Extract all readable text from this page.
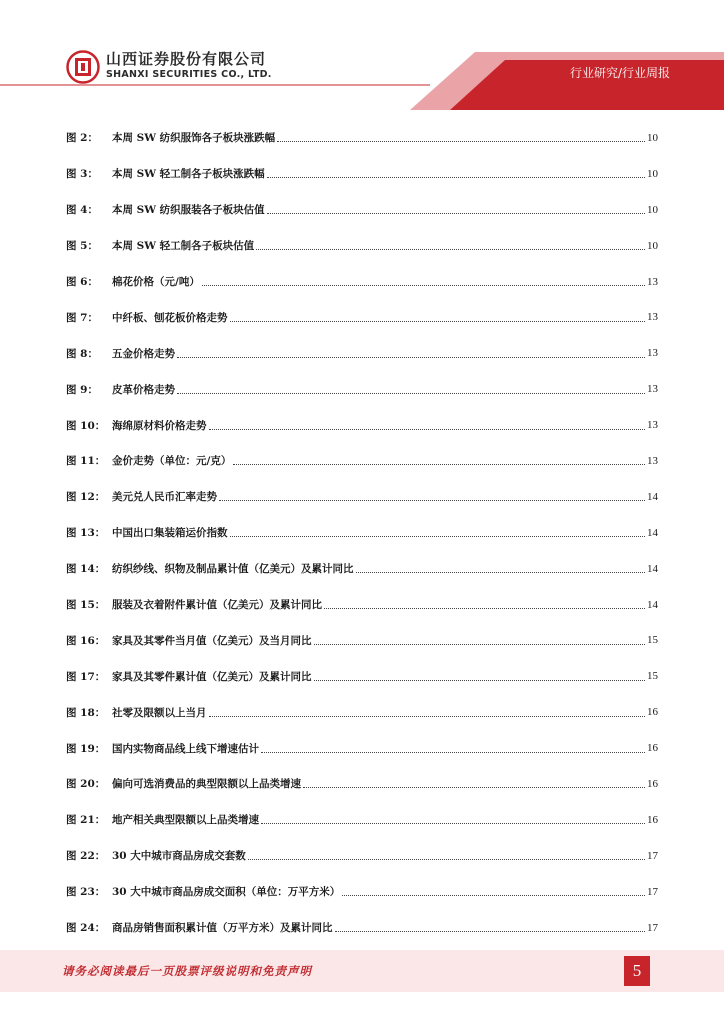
山西证券股份有限公司
SHANXI SECURITIES CO., LTD.	行业研究/行业周报
图 2：	本周 SW 纺织服饰各子板块涨跌幅	10
图 3：	本周 SW 轻工制各子板块涨跌幅	10
图 4：	本周 SW 纺织服装各子板块估值	10
图 5：	本周 SW 轻工制各子板块估值	10
图 6：	棉花价格（元/吨）	13
图 7：	中纤板、刨花板价格走势	13
图 8：	五金价格走势	13
图 9：	皮革价格走势	13
图 10： 海绵原材料价格走势	13
图 11： 金价走势（单位：元/克）	13
图 12： 美元兑人民币汇率走势	14
图 13： 中国出口集装箱运价指数	14
图 14： 纺织纱线、织物及制品累计值（亿美元）及累计同比	14
图 15： 服装及衣着附件累计值（亿美元）及累计同比	14
图 16： 家具及其零件当月值（亿美元）及当月同比	15
图 17： 家具及其零件累计值（亿美元）及累计同比	15
图 18： 社零及限额以上当月	16
图 19： 国内实物商品线上线下增速估计	16
图 20： 偏向可选消费品的典型限额以上品类增速	16
图 21： 地产相关典型限额以上品类增速	16
图 22： 30 大中城市商品房成交套数	17
图 23： 30 大中城市商品房成交面积（单位：万平方米）	17
图 24： 商品房销售面积累计值（万平方米）及累计同比	17
请务必阅读最后一页股票评级说明和免责声明	5
